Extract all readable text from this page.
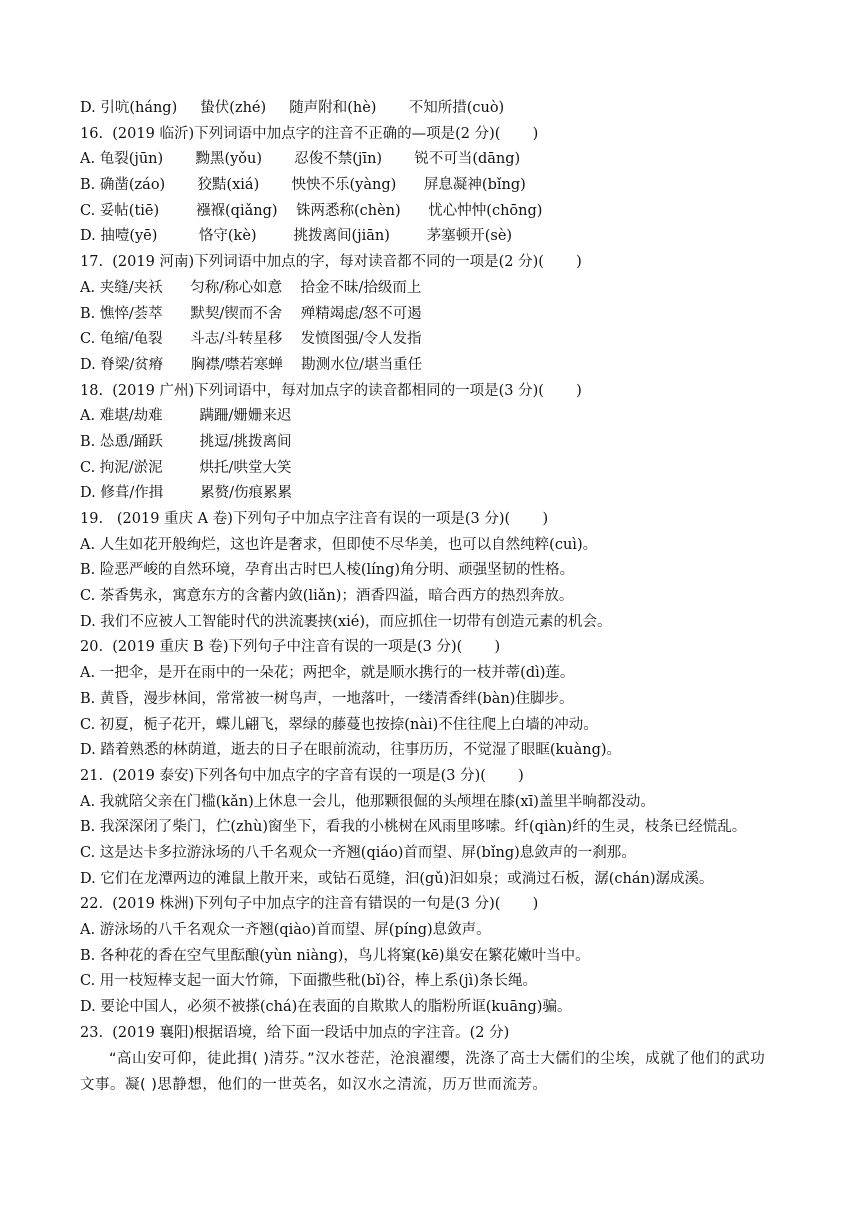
D. 引吭(háng)     蛰伏(zhé)     随声附和(hè)       不知所措(cuò)
16.  (2019 临沂)下列词语中加点字的注音不正确的—项是(2 分)(       )
A. 龟裂(jūn)       黝黑(yǒu)       忍俊不禁(jīn)       锐不可当(dāng)
B. 确凿(záo)       狡黠(xiá)       怏怏不乐(yàng)      屏息凝神(bǐng)
C. 妥帖(tiē)        襁褓(qiǎng)    铢两悉称(chèn)      忧心忡忡(chōng)
D. 抽噎(yē)         恪守(kè)        挑拨离间(jiān)        茅塞顿开(sè)
17.  (2019 河南)下列词语中加点的字，每对读音都不同的一项是(2 分)(       )
A. 夹缝/夹袄      匀称/称心如意    拾金不昧/拾级而上
B. 憔悴/荟萃      默契/锲而不舍    殚精竭虑/怒不可遏
C. 龟缩/龟裂      斗志/斗转星移    发愤图强/令人发指
D. 脊梁/贫瘠      胸襟/噤若寒蝉    勘测水位/堪当重任
18.  (2019 广州)下列词语中，每对加点字的读音都相同的一项是(3 分)(       )
A. 难堪/劫难        蹒跚/姗姗来迟
B. 怂恿/踊跃        挑逗/挑拨离间
C. 拘泥/淤泥        烘托/哄堂大笑
D. 修葺/作揖        累赘/伤痕累累
19.   (2019 重庆 A 卷)下列句子中加点字注音有误的一项是(3 分)(       )
A. 人生如花开般绚烂，这也许是奢求，但即使不尽华美，也可以自然纯粹(cuì)。
B. 险恶严峻的自然环境，孕育出古时巴人棱(líng)角分明、顽强坚韧的性格。
C. 茶香隽永，寓意东方的含蓄内敛(liǎn)；酒香四溢，暗合西方的热烈奔放。
D. 我们不应被人工智能时代的洪流裹挟(xié)，而应抓住一切带有创造元素的机会。
20.  (2019 重庆 B 卷)下列句子中注音有误的一项是(3 分)(       )
A. 一把伞，是开在雨中的一朵花；两把伞，就是顺水携行的一枝并蒂(dì)莲。
B. 黄昏，漫步林间，常常被一树鸟声，一地落叶，一缕清香绊(bàn)住脚步。
C. 初夏，栀子花开，蝶儿翩飞，翠绿的藤蔓也按捺(nài)不住往爬上白墙的冲动。
D. 踏着熟悉的林荫道，逝去的日子在眼前流动，往事历历，不觉湿了眼眶(kuàng)。
21.  (2019 泰安)下列各句中加点字的字音有误的一项是(3 分)(       )
A. 我就陪父亲在门槛(kǎn)上休息一会儿，他那颗很倔的头颅埋在膝(xī)盖里半晌都没动。
B. 我深深闭了柴门，伫(zhù)窗坐下，看我的小桃树在风雨里哆嗦。纤(qiàn)纤的生灵，枝条已经慌乱。
C. 这是达卡多拉游泳场的八千名观众一齐翘(qiáo)首而望、屏(bǐng)息敛声的一刹那。
D. 它们在龙潭两边的滩鼠上散开来，或钻石觅缝，汩(gǔ)汩如泉；或淌过石板，潺(chán)潺成溪。
22.  (2019 株洲)下列句子中加点字的注音有错误的一句是(3 分)(       )
A. 游泳场的八千名观众一齐翘(qiào)首而望、屏(píng)息敛声。
B. 各种花的香在空气里酝酿(yùn niàng)，鸟儿将窠(kē)巢安在繁花嫩叶当中。
C. 用一枝短棒支起一面大竹筛，下面撒些秕(bǐ)谷，棒上系(jì)条长绳。
D. 要论中国人，必须不被搽(chá)在表面的自欺欺人的脂粉所诓(kuāng)骗。
23.  (2019 襄阳)根据语境，给下面一段话中加点的字注音。(2 分)
“高山安可仰，徒此揖( )清芬。”汉水苍茫，沧浪濯缨，洗涤了高士大儒们的尘埃，成就了他们的武功文事。凝( )思静想，他们的一世英名，如汉水之清流，历万世而流芳。
